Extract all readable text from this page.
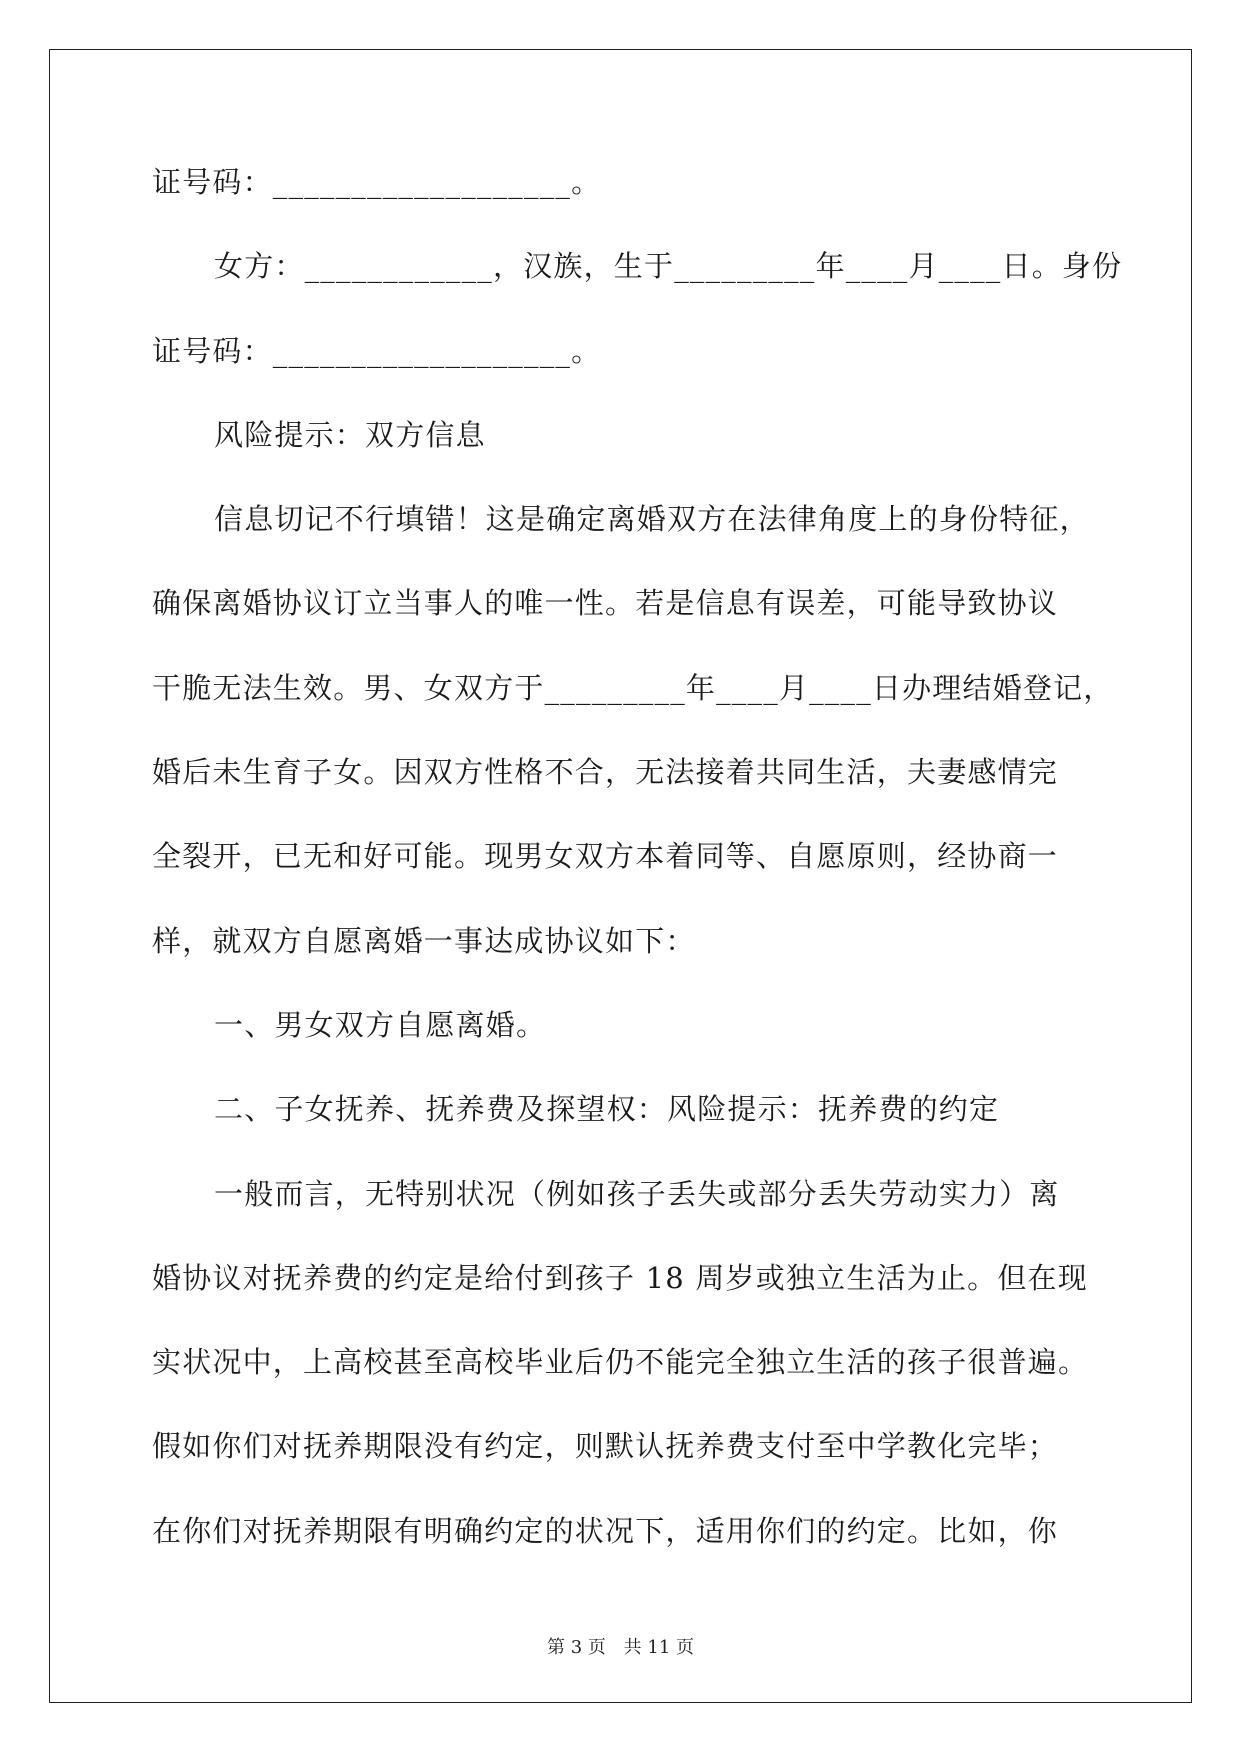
证号码：___________________。
女方：____________，汉族，生于_________年____月____日。身份
证号码：___________________。
风险提示：双方信息
信息切记不行填错！这是确定离婚双方在法律角度上的身份特征，
确保离婚协议订立当事人的唯一性。若是信息有误差，可能导致协议
干脆无法生效。男、女双方于_________年____月____日办理结婚登记，
婚后未生育子女。因双方性格不合，无法接着共同生活，夫妻感情完
全裂开，已无和好可能。现男女双方本着同等、自愿原则，经协商一
样，就双方自愿离婚一事达成协议如下：
一、男女双方自愿离婚。
二、子女抚养、抚养费及探望权：风险提示：抚养费的约定
一般而言，无特别状况（例如孩子丢失或部分丢失劳动实力）离
婚协议对抚养费的约定是给付到孩子 18 周岁或独立生活为止。但在现
实状况中，上高校甚至高校毕业后仍不能完全独立生活的孩子很普遍。
假如你们对抚养期限没有约定，则默认抚养费支付至中学教化完毕；
在你们对抚养期限有明确约定的状况下，适用你们的约定。比如，你
第 3 页 共 11 页
